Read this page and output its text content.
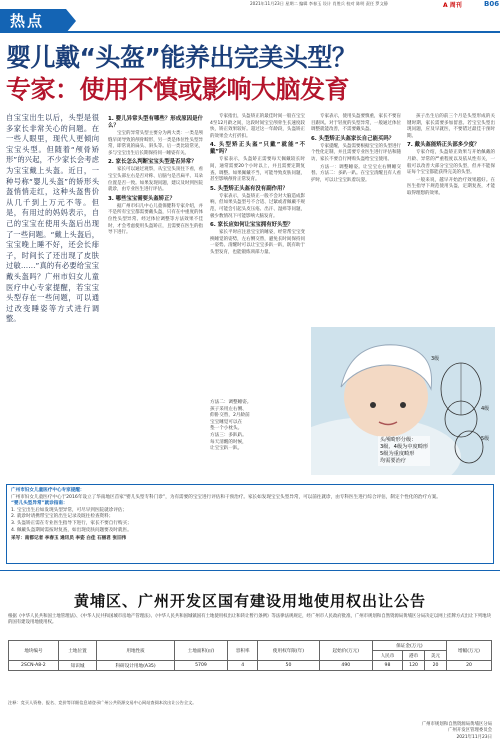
热点
2021年11月23日 星期二 编辑 李春玉 设计 肖胜兵 校对 陈明 责任 罗文静	A 周刊	B06
婴儿戴“头盔”能养出完美头型？
专家：使用不慎或影响大脑发育
自宝宝出生以后，头型是很多家长非常关心的问题。在一些人眼里，现代人更倾向宝宝头型。但随着“颅骨矫形”的兴起，不少家长会考虑为宝宝戴上头盔。近日，一种号称“婴儿头盔”的矫形头盔悄悄走红，这种头盔售价从几千到上万元不等。但是，有用过的妈妈表示，自己的宝宝在使用头盔后出现了一些问题。“戴上头盔后，宝宝晚上睡不好，还会长痱子，时间长了还出现了皮肤过敏……”真的有必要给宝宝戴头盔吗？广州市妇女儿童医疗中心专家提醒，若宝宝头型存在一些问题，可以通过改变睡姿等方式进行调整。
1. 婴儿异常头型有哪些？形成原因是什么？

宝宝的异常头型主要分为两大类：一类是颅缝早闭导致的颅骨畸形，另一类是体位性头型异常，即常说的扁头、斜头等。后一类比较常见，多与宝宝出生后长期保持同一睡姿有关。

2. 家长怎么判断宝宝头型是否异常？

家长可以通过观察，从宝宝头顶往下看，看宝宝头部左右是否对称、后脑勺是否扁平、耳朵位置是否一致。如果发现问题，建议及时到医院就诊，由专业医生进行评估。

3. 哪些宝宝需要头盔矫正？

据广州市妇儿中心儿童保健科专家介绍，并不是所有宝宝都需要戴头盔，只有在中重度的体位性头型异常、经过体位调整等方法效果不佳时，才会考虑使用头盔矫正，且需要在医生的指导下进行。

专家指出，头盔矫正的最佳时间一般在宝宝4至12月龄之间，这段时间宝宝颅骨生长速度较快，矫正效果较好。超过这一年龄段，头盔矫正的效果会大打折扣。

4. 头型矫正头盔“只戴”就能“不戴”吗？

专家表示，头盔矫正需要每天佩戴较长时间，通常需要20个小时以上，并且需要定期复查、调整。如果佩戴不当，可能导致皮肤问题，甚至影响颅骨正常发育。

5. 头型矫正头盔有没有副作用？

专家表示，头盔矫正一般不会对大脑造成影响，但如果头盔型号不合适、过紧或者佩戴不规范，可能会引起头皮压疮、出汗、湿疹等问题，极少数情况下可能影响大脑发育。

6. 家长应如何让宝宝拥有好头型？

家长平时应注意宝宝的睡姿，经常帮宝宝变换睡觉的姿势，左右侧交替，避免长时间保持同一姿势。清醒时可以让宝宝多趴一趴，既有助于头型发育，也能锻炼颈部力量。

专家表示，使用头盔要慎重，家长不要盲目跟风。对于轻度的头型异常，一般通过体位调整就能改善，不需要戴头盔。

6. 头型矫正头盔家长自己能买吗？

专家提醒，头盔需要根据宝宝的头型进行个性化定制，并且需要专业医生进行评估和随访，家长不要自行网购头盔给宝宝使用。

方法一：调整睡姿。让宝宝左右侧睡交替。方法二：多趴一趴。在宝宝清醒且有人看护时，可以让宝宝趴着玩耍。

孩子出生后的前三个月是头型形成的关键时期，家长需要多加留意。若宝宝头型出现问题，应及早就医，不要错过最佳干预时期。

7. 戴头盔能矫正头部多少度？

专家介绍，头盔矫正效果与开始佩戴的月龄、异常的严重程度以及依从性有关，一般可以改善大部分宝宝的头型，但并不能保证每个宝宝都能获得完美的头型。

一般来说，越早开始治疗效果越好。在医生指导下规范使用头盔，定期复查，才能取得理想的效果。

方法二：调整睡姿。
孩子采用左右侧、
仰卧交替，2月龄前
宝宝睡觉可以在
垫一个小枕头。
方法三：多趴趴。
每天清醒的时候，
让宝宝趴一趴。
3级
4级
5级
头颅畸形分级：
3级、4级为中度畸形
5级为重度畸形
均需要治疗
广州市妇女儿童医疗中心专家提醒：
广州市妇女儿童医疗中心于2016年设立了华南地区首家“婴儿头型专科门诊”，为有需要的宝宝进行评估和干预治疗。家长如发现宝宝头型异常，可以前往就诊，由专科医生进行综合评估，制定个性化的治疗方案。
“婴儿头型异常”就诊指南：
1. 宝宝出生后如发现头型异常，可尽早到医院就诊评估；
2. 就诊时请携带宝宝的出生记录及既往检查资料；
3. 头盔矫正需在专业医生指导下进行，家长不要自行购买；
4. 佩戴头盔期间需按时复查，如出现皮肤问题要及时就医。
采写：南都记者 李春玉 通讯员 李姿 白佳 石丽君 张旧伟
黄埔区、广州开发区国有建设用地使用权出让公告
根据《中华人民共和国土地管理法》、《中华人民共和国城市房地产管理法》、《中华人民共和国城镇国有土地使用权出让和转让暂行条例》等法律法规规定，经广州市人民政府批准，广州市规划和自然资源局黄埔区分局决定以网上挂牌方式出让下列地块的国有建设用地使用权。
地块编号	土地位置	用地性质	土地面积(㎡)	容积率	使用权年限(年)	起始价(万元)	保证金(万元)			增幅(万元)
							人民币	港币	美元	
2SCN-A8-2	知识城	科研设计用地(A35)	5709	4	50	490	98	120	20	20
注释：竞买人资格、报名、竞价等详细信息请登录广州公共资源交易中心网站查阅本次出让公告全文。
广州市规划和自然资源局黄埔区分局
广州开发区管理委员会
2021年11月23日
